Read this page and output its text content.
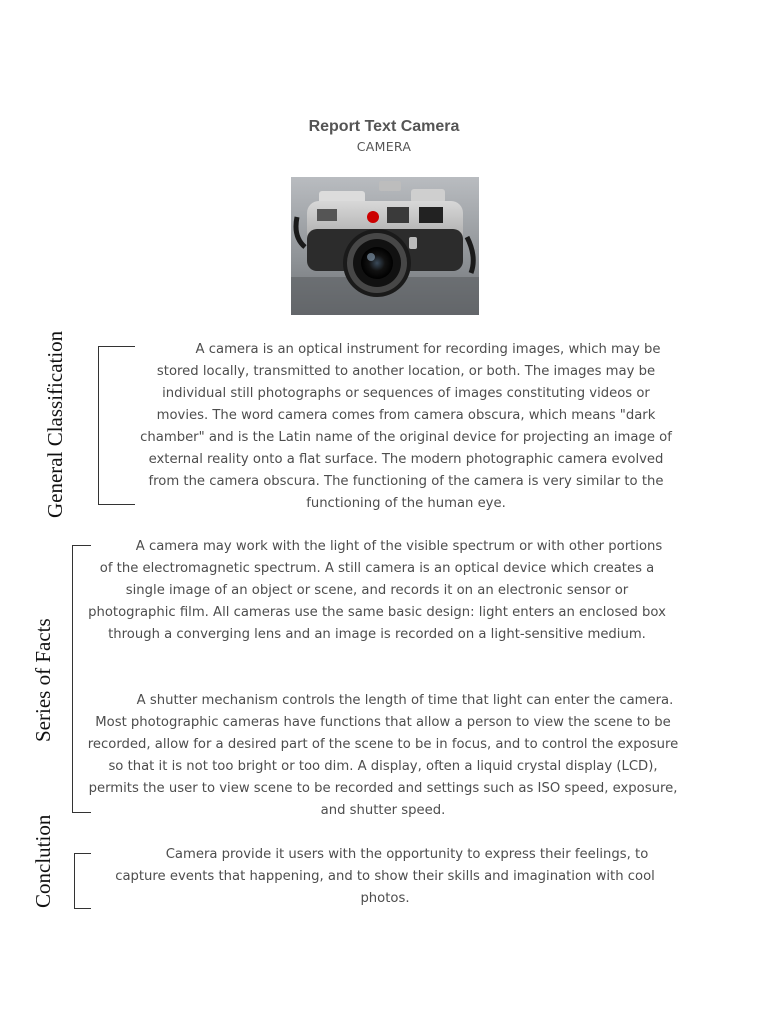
Report Text Camera
CAMERA
General Classification
Series of Facts
Conclution

A camera is an optical instrument for recording images, which may be stored locally, transmitted to another location, or both. The images may be individual still photographs or sequences of images constituting videos or movies. The word camera comes from camera obscura, which means "dark chamber" and is the Latin name of the original device for projecting an image of external reality onto a flat surface. The modern photographic camera evolved from the camera obscura. The functioning of the camera is very similar to the functioning of the human eye.

A camera may work with the light of the visible spectrum or with other portions of the electromagnetic spectrum. A still camera is an optical device which creates a single image of an object or scene, and records it on an electronic sensor or photographic film. All cameras use the same basic design: light enters an enclosed box through a converging lens and an image is recorded on a light-sensitive medium.

A shutter mechanism controls the length of time that light can enter the camera. Most photographic cameras have functions that allow a person to view the scene to be recorded, allow for a desired part of the scene to be in focus, and to control the exposure so that it is not too bright or too dim. A display, often a liquid crystal display (LCD), permits the user to view scene to be recorded and settings such as ISO speed, exposure, and shutter speed.

Camera provide it users with the opportunity to express their feelings, to capture events that happening, and to show their skills and imagination with cool photos.
